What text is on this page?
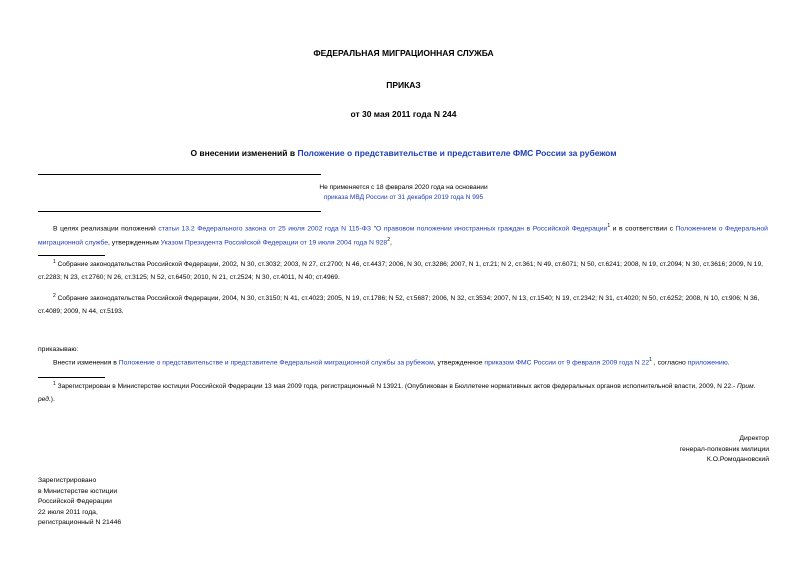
ФЕДЕРАЛЬНАЯ МИГРАЦИОННАЯ СЛУЖБА
ПРИКАЗ
от 30 мая 2011 года N 244
О внесении изменений в Положение о представительстве и представителе ФМС России за рубежом
Не применяется с 18 февраля 2020 года на основании
приказа МВД России от 31 декабря 2019 года N 995
В целях реализации положений статьи 13.2 Федерального закона от 25 июля 2002 года N 115-ФЗ "О правовом положении иностранных граждан в Российской Федерации$^1$ и в соответствии с Положением о Федеральной миграционной службе, утвержденным Указом Президента Российской Федерации от 19 июля 2004 года N $928^2$,
$^1$ Собрание законодательства Российской Федерации, 2002, N 30, ст.3032; 2003, N 27, ст.2700; N 46, ст.4437; 2006, N 30, ст.3286; 2007, N 1, ст.21; N 2, ст.361; N 49, ст.6071; N 50, ст.6241; 2008, N 19, ст.2094; N 30, ст.3616; 2009, N 19, ст.2283; N 23, ст.2760; N 26, ст.3125; N 52, ст.6450; 2010, N 21, ст.2524; N 30, ст.4011, N 40; ст.4969.
$^2$ Собрание законодательства Российской Федерации, 2004, N 30, ст.3150; N 41, ст.4023; 2005, N 19, ст.1786; N 52, ст.5687; 2006, N 32, ст.3534; 2007, N 13, ст.1540; N 19, ст.2342; N 31, ст.4020; N 50, ст.6252; 2008, N 10, ст.906; N 36, ст.4089; 2009, N 44, ст.5193.
приказываю:
Внести изменения в Положение о представительстве и представителе Федеральной миграционной службы за рубежом, утвержденное приказом ФМС России от 9 февраля 2009 года N $22^1$ , согласно приложению.
$^1$ Зарегистрирован в Министерстве юстиции Российской Федерации 13 мая 2009 года, регистрационный N 13921. (Опубликован в Бюллетене нормативных актов федеральных органов исполнительной власти, 2009, N 22.- Прим. ред.).
Директор
генерал-полковник милиции
К.О.Ромодановский
Зарегистрировано
в Министерстве юстиции
Российской Федерации
22 июля 2011 года,
регистрационный N 21446
